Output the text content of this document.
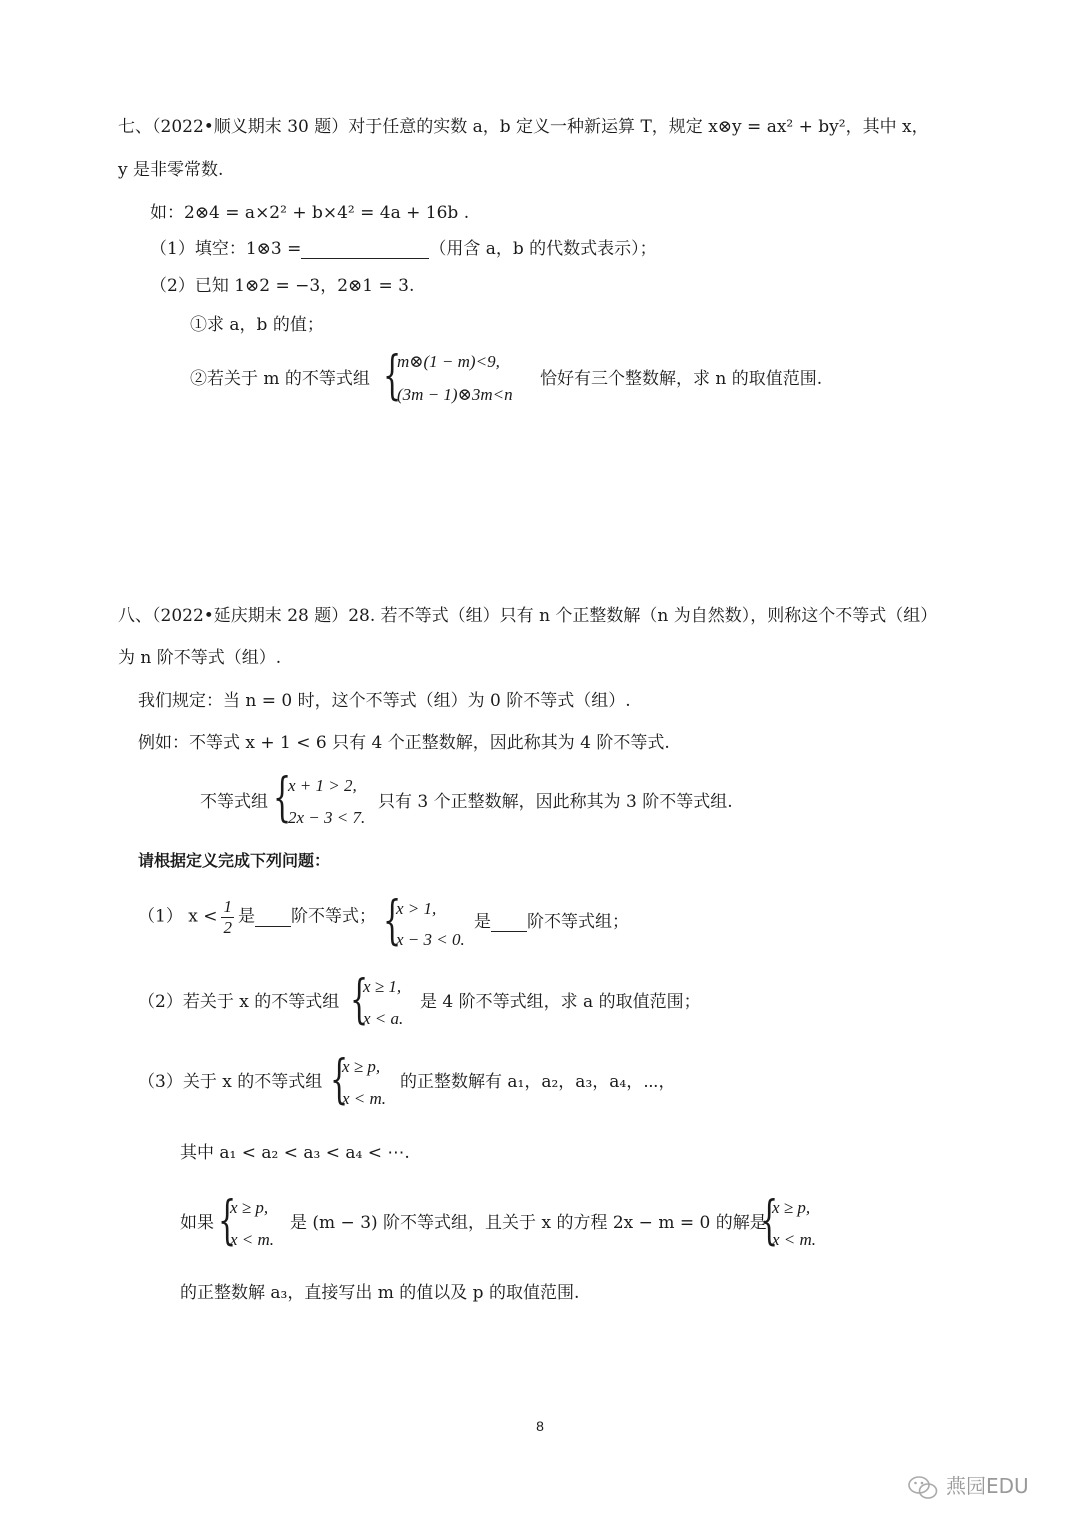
七、（2022•顺义期末 30 题）对于任意的实数 a，b 定义一种新运算 T，规定 x⊗y = ax² + by²，其中 x，
y 是非零常数.
如：2⊗4 = a×2² + b×4² = 4a + 16b .
（1）填空：1⊗3 =	（用含 a，b 的代数式表示）；
（2）已知 1⊗2 = −3，2⊗1 = 3.
①求 a，b 的值；
②若关于 m 的不等式组 {
m⊗(1 − m)<9,
(3m − 1)⊗3m<n
恰好有三个整数解，求 n 的取值范围.
八、（2022•延庆期末 28 题）28. 若不等式（组）只有 n 个正整数解（n 为自然数），则称这个不等式（组）
为 n 阶不等式（组）.
我们规定：当 n = 0 时，这个不等式（组）为 0 阶不等式（组）.
例如：不等式 x + 1 < 6 只有 4 个正整数解，因此称其为 4 阶不等式.
不等式组 {
x + 1 > 2,
2x − 3 < 7.
只有 3 个正整数解，因此称其为 3 阶不等式组.
请根据定义完成下列问题：
（1） $x < \frac{1}{2}$ 是 阶不等式； {
x > 1,
x − 3 < 0.
是 阶不等式组；
（2）若关于 x 的不等式组 {
x ≥ 1,
x < a.
是 4 阶不等式组，求 a 的取值范围；
（3）关于 x 的不等式组 {
x ≥ p,
x < m.
的正整数解有 a₁，a₂，a₃，a₄，⋯，
其中 a₁ < a₂ < a₃ < a₄ < ⋯.
如果 {
x ≥ p,
x < m.
是 (m − 3) 阶不等式组，且关于 x 的方程 2x − m = 0 的解是
{
x ≥ p,
x < m.
的正整数解 a₃，直接写出 m 的值以及 p 的取值范围.
8
燕园EDU
